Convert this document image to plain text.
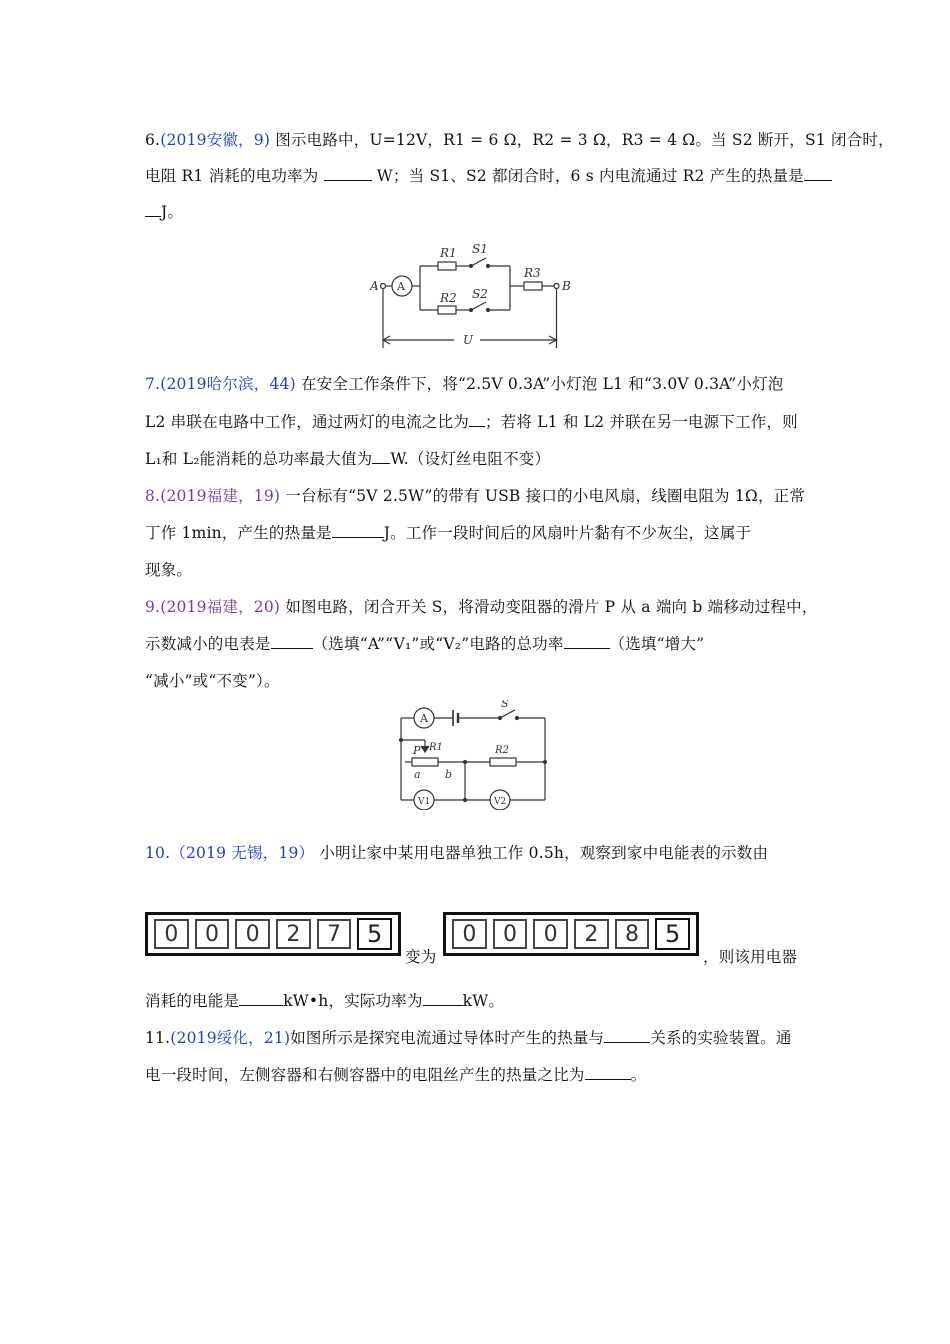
6.(2019安徽，9) 图示电路中，U=12V，R1 = 6 Ω，R2 = 3 Ω，R3 = 4 Ω。当 S2 断开，S1 闭合时，
电阻 R1 消耗的电功率为	W；当 S1、S2 都闭合时，6 s 内电流通过 R2 产生的热量是
J。
A	B
A
R1 S1
R2 S2
R3
U
7.(2019哈尔滨，44) 在安全工作条件下，将“2.5V 0.3A”小灯泡 L1 和“3.0V 0.3A”小灯泡
L2 串联在电路中工作，通过两灯的电流之比为 ；若将 L1 和 L2 并联在另一电源下工作，则
L₁和 L₂能消耗的总功率最大值为 W.（设灯丝电阻不变）
8.(2019福建，19) 一台标有“5V 2.5W”的带有 USB 接口的小电风扇，线圈电阻为 1Ω，正常
丁作 1min，产生的热量是	J。工作一段时间后的风扇叶片黏有不少灰尘，这属于
现象。
9.(2019福建，20) 如图电路，闭合开关 S，将滑动变阻器的滑片 P 从 a 端向 b 端移动过程中，
示数减小的电表是	（选填“A”“V₁”或“V₂”电路的总功率	（选填“增大”
“减小”或“不变”）。
A
S
P R1	R2
a b
V1	V2
10.（2019 无锡，19） 小明让家中某用电器单独工作 0.5h，观察到家中电能表的示数由
0	0	0	2	7	5
变为
0	0	0	2	8	5
，则该用电器
消耗的电能是	kW•h，实际功率为	kW。
11.(2019绥化，21)如图所示是探究电流通过导体时产生的热量与	关系的实验装置。通
电一段时间，左侧容器和右侧容器中的电阻丝产生的热量之比为	。
